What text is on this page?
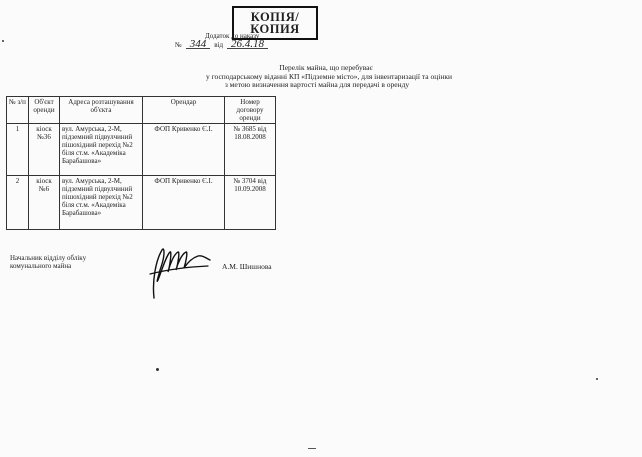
КОПІЯ/
КОПИЯ
Додаток до наказу
№ 344	від 26.4.18
Перелік майна, що перебуває
у господарському віданні КП «Підземне місто», для інвентаризації та оцінки
з метою визначення вартості майна для передачі в оренду
№ з/п	Об'єкт оренди	Адреса розташування об'єкта	Орендар	Номер договору оренди
1	кіоск №36	вул. Амурська, 2-М, підземний підвулчиний пішохідний перехід №2 біля ст.м. «Академіка Барабашова»	ФОП Кривенко Є.І.	№ 3685 від 18.08.2008
2	кіоск №6	вул. Амурська, 2-М, підземний підвулчиний пішохідний перехід №2 біля ст.м. «Академіка Барабашова»	ФОП Кривенко Є.І.	№ 3704 від 10.09.2008
Начальник відділу обліку
комунального майна	А.М. Шишнова
